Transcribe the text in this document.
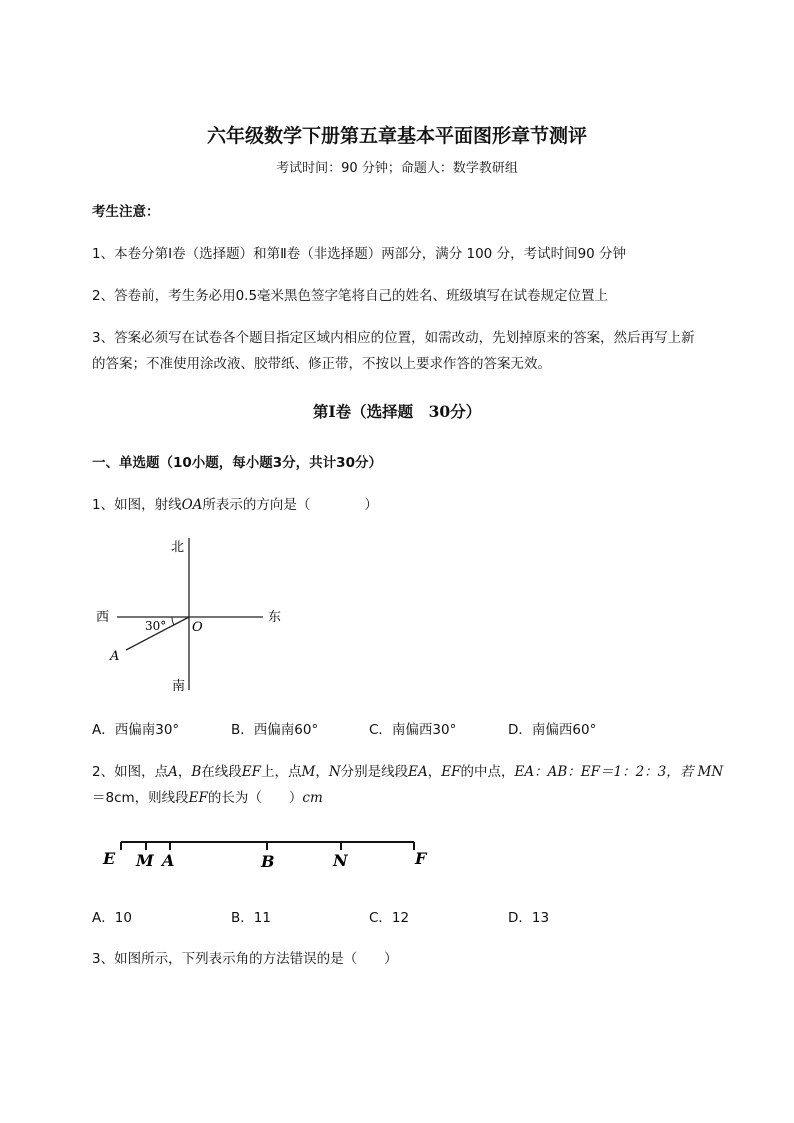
六年级数学下册第五章基本平面图形章节测评
考试时间：90 分钟；命题人：数学教研组
考生注意：
1、本卷分第Ⅰ卷（选择题）和第Ⅱ卷（非选择题）两部分，满分 100 分，考试时间90 分钟
2、答卷前，考生务必用0.5毫米黑色签字笔将自己的姓名、班级填写在试卷规定位置上
3、答案必须写在试卷各个题目指定区域内相应的位置，如需改动，先划掉原来的答案，然后再写上新
的答案；不准使用涂改液、胶带纸、修正带，不按以上要求作答的答案无效。
第Ⅰ卷（选择题　30分）
一、单选题（10小题，每小题3分，共计30分）
1、如图，射线OA所表示的方向是（　　　　）
北
南
西	东
30° O
A
A．西偏南30°	B．西偏南60°	C．南偏西30°	D．南偏西60°
2、如图，点A，B在线段EF上，点M，N分别是线段EA，EF的中点，EA：AB：EF＝1：2：3，若 MN
＝8cm，则线段EF的长为（　　）cm
E M A	B	N	F
A．10	B．11	C．12	D．13
3、如图所示，下列表示角的方法错误的是（　　）
